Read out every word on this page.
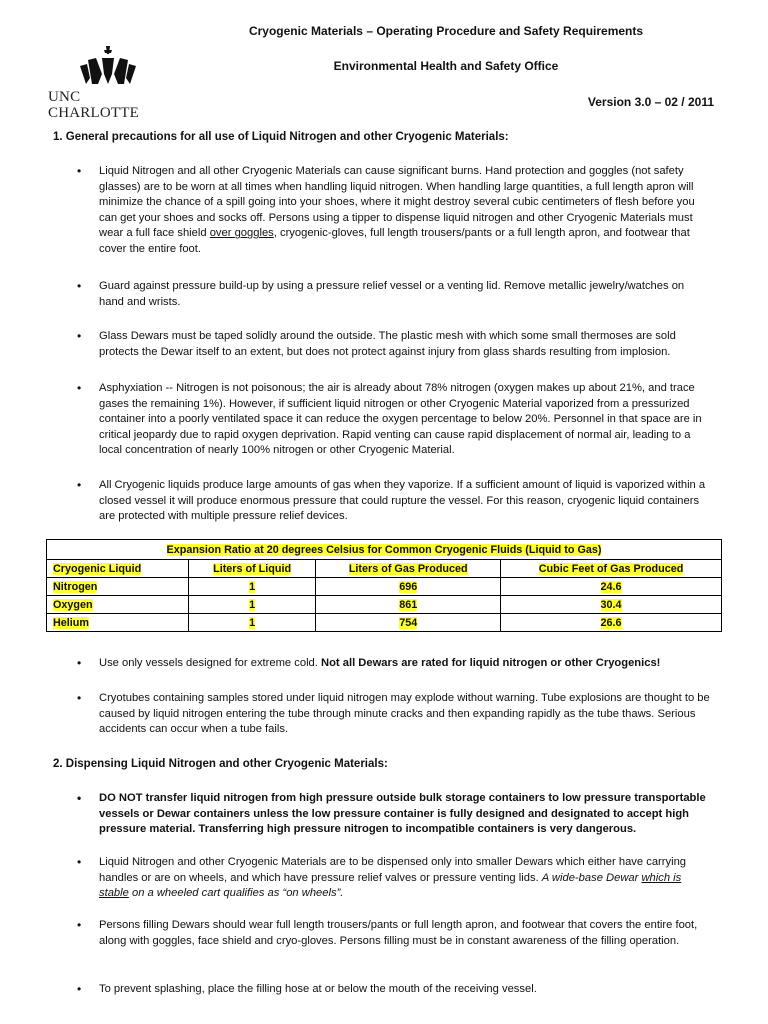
UNC CHARLOTTE
Cryogenic Materials – Operating Procedure and Safety Requirements
Environmental Health and Safety Office
Version 3.0 – 02 / 2011
1. General precautions for all use of Liquid Nitrogen and other Cryogenic Materials:
• Liquid Nitrogen and all other Cryogenic Materials can cause significant burns. Hand protection and goggles (not safety glasses) are to be worn at all times when handling liquid nitrogen. When handling large quantities, a full length apron will minimize the chance of a spill going into your shoes, where it might destroy several cubic centimeters of flesh before you can get your shoes and socks off. Persons using a tipper to dispense liquid nitrogen and other Cryogenic Materials must wear a full face shield over goggles, cryogenic-gloves, full length trousers/pants or a full length apron, and footwear that cover the entire foot.
• Guard against pressure build-up by using a pressure relief vessel or a venting lid. Remove metallic jewelry/watches on hand and wrists.
• Glass Dewars must be taped solidly around the outside. The plastic mesh with which some small thermoses are sold protects the Dewar itself to an extent, but does not protect against injury from glass shards resulting from implosion.
• Asphyxiation -- Nitrogen is not poisonous; the air is already about 78% nitrogen (oxygen makes up about 21%, and trace gases the remaining 1%). However, if sufficient liquid nitrogen or other Cryogenic Material vaporized from a pressurized container into a poorly ventilated space it can reduce the oxygen percentage to below 20%. Personnel in that space are in critical jeopardy due to rapid oxygen deprivation. Rapid venting can cause rapid displacement of normal air, leading to a local concentration of nearly 100% nitrogen or other Cryogenic Material.
• All Cryogenic liquids produce large amounts of gas when they vaporize. If a sufficient amount of liquid is vaporized within a closed vessel it will produce enormous pressure that could rupture the vessel. For this reason, cryogenic liquid containers are protected with multiple pressure relief devices.
Expansion Ratio at 20 degrees Celsius for Common Cryogenic Fluids (Liquid to Gas)			
Cryogenic Liquid	Liters of Liquid	Liters of Gas Produced	Cubic Feet of Gas Produced
Nitrogen	1	696	24.6
Oxygen	1	861	30.4
Helium	1	754	26.6
• Use only vessels designed for extreme cold. Not all Dewars are rated for liquid nitrogen or other Cryogenics!
• Cryotubes containing samples stored under liquid nitrogen may explode without warning. Tube explosions are thought to be caused by liquid nitrogen entering the tube through minute cracks and then expanding rapidly as the tube thaws. Serious accidents can occur when a tube fails.
2. Dispensing Liquid Nitrogen and other Cryogenic Materials:
• DO NOT transfer liquid nitrogen from high pressure outside bulk storage containers to low pressure transportable vessels or Dewar containers unless the low pressure container is fully designed and designated to accept high pressure material. Transferring high pressure nitrogen to incompatible containers is very dangerous.
• Liquid Nitrogen and other Cryogenic Materials are to be dispensed only into smaller Dewars which either have carrying handles or are on wheels, and which have pressure relief valves or pressure venting lids. A wide-base Dewar which is stable on a wheeled cart qualifies as “on wheels”.
• Persons filling Dewars should wear full length trousers/pants or full length apron, and footwear that covers the entire foot, along with goggles, face shield and cryo-gloves. Persons filling must be in constant awareness of the filling operation.
• To prevent splashing, place the filling hose at or below the mouth of the receiving vessel.
